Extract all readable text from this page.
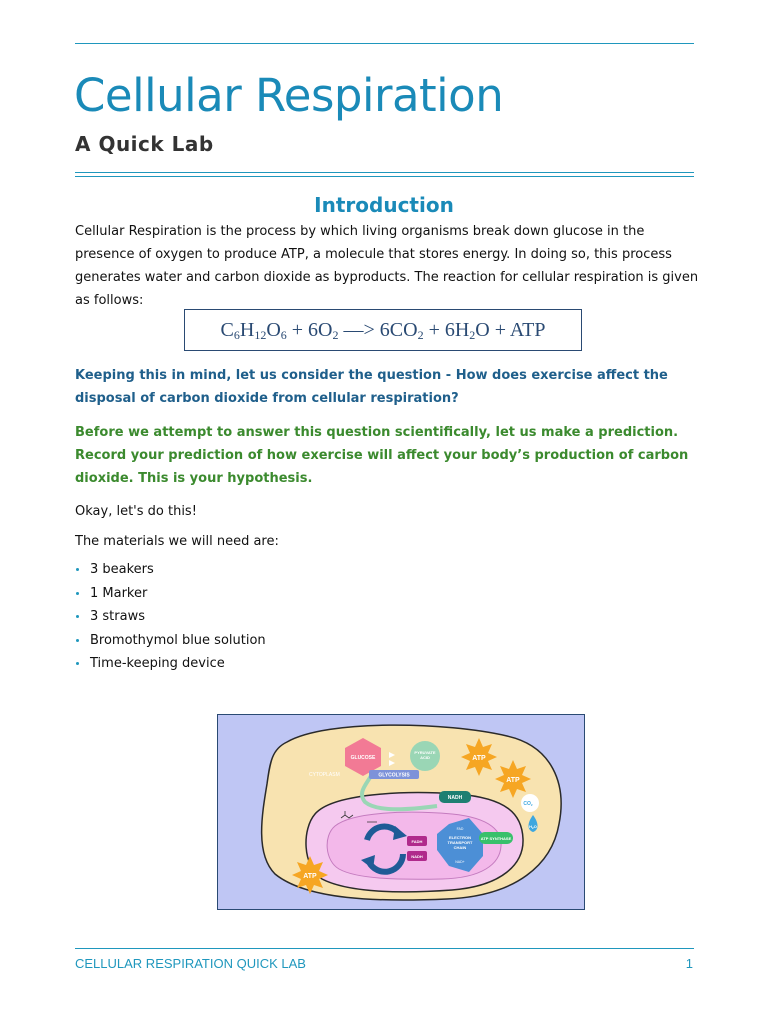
Cellular Respiration
A Quick Lab
Introduction

Cellular Respiration is the process by which living organisms break down glucose in the presence of oxygen to produce ATP, a molecule that stores energy. In doing so, this process generates water and carbon dioxide as byproducts. The reaction for cellular respiration is given as follows:

$C_6H_{12}O_6 + 6O_2$ —> $6CO_2 + 6H_2O$ + ATP

Keeping this in mind, let us consider the question - How does exercise affect the disposal of carbon dioxide from cellular respiration?

Before we attempt to answer this question scientifically, let us make a prediction. Record your prediction of how exercise will affect your body’s production of carbon dioxide. This is your hypothesis.

Okay, let's do this!

The materials we will need are:

3 beakers
1 Marker
3 straws
Bromothymol blue solution
Time-keeping device
CYTOPLASM
GLUCOSE
GLYCOLYSIS
PYRUVATE
ACID	ATP
ATP
ATP
NADH
$CO_2$
$H_2O$
FADH
NADH
FAD
ELECTRON
TRANSPORT
CHAIN
NAD+
ATP SYNTHASE

CELLULAR RESPIRATION QUICK LAB	1
